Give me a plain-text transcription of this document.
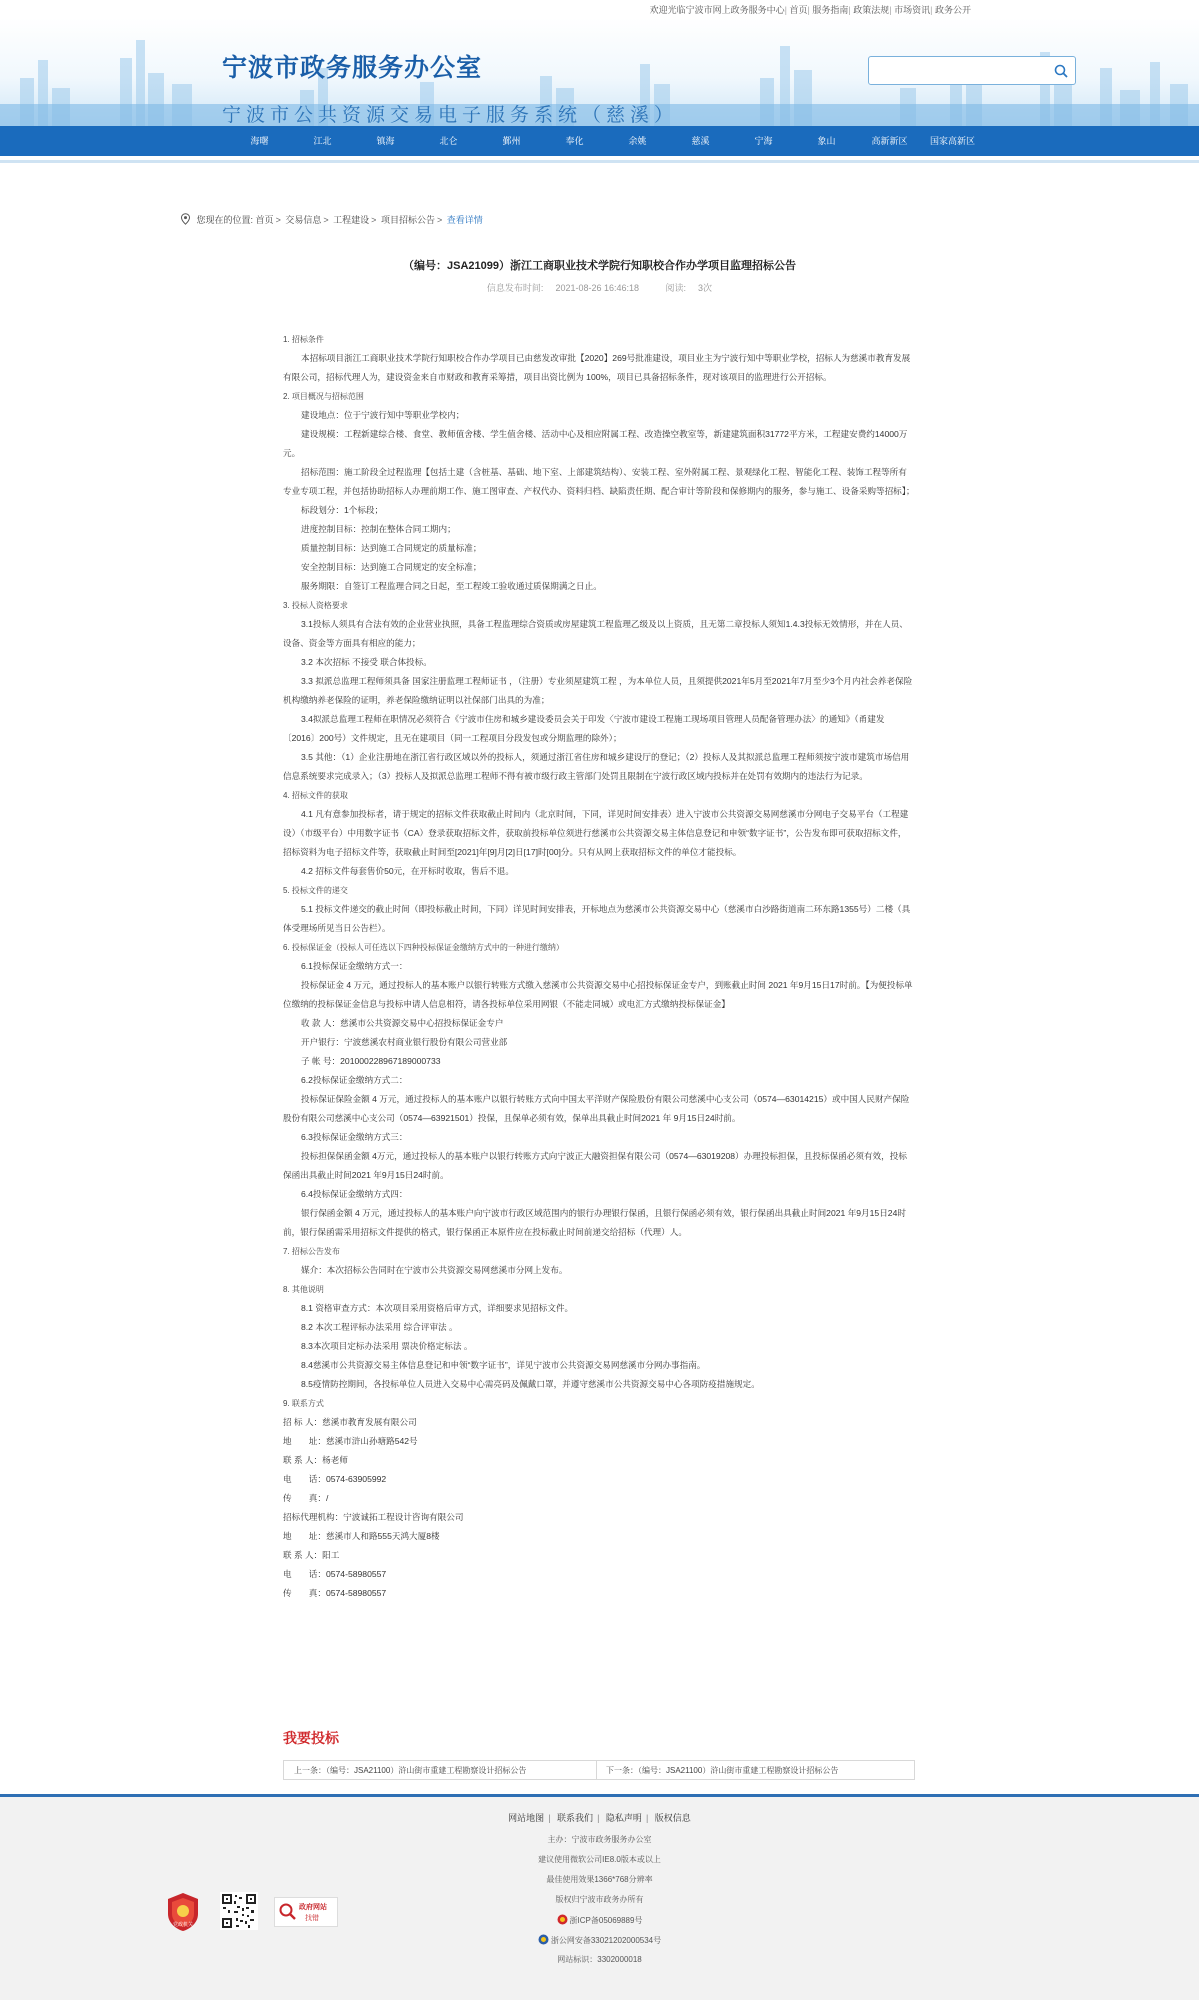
欢迎光临宁波市网上政务服务中心| 首页| 服务指南| 政策法规| 市场资讯| 政务公开
宁波市政务服务办公室
宁波市公共资源交易电子服务系统（慈溪）
海曙	江北	镇海	北仑	鄞州	奉化	余姚	慈溪	宁海	象山	高新新区	国家高新区
您现在的位置: 首页 > 交易信息 > 工程建设 > 项目招标公告 > 查看详情
（编号：JSA21099）浙江工商职业技术学院行知职校合作办学项目监理招标公告
信息发布时间: 2021-08-26 16:46:18	阅读: 3次

1. 招标条件

本招标项目浙江工商职业技术学院行知职校合作办学项目已由慈发改审批【2020】269号批准建设，项目业主为宁波行知中等职业学校，招标人为慈溪市教育发展有限公司，招标代理人为，建设资金来自市财政和教育采筹措，项目出资比例为 100%，项目已具备招标条件，现对该项目的监理进行公开招标。

2. 项目概况与招标范围

建设地点：位于宁波行知中等职业学校内；

建设规模：工程新建综合楼、食堂、教师值舍楼、学生值舍楼、活动中心及相应附属工程、改造操空教室等，新建建筑面积31772平方米，工程建安费约14000万元。

招标范围：施工阶段全过程监理【包括土建（含桩基、基础、地下室、上部建筑结构）、安装工程、室外附属工程、景观绿化工程、智能化工程、装饰工程等所有专业专项工程，并包括协助招标人办理前期工作、施工图审查、产权代办、资料归档、缺陷责任期、配合审计等阶段和保修期内的服务，参与施工、设备采购等招标】；

标段划分：1个标段；

进度控制目标：控制在整体合同工期内；

质量控制目标：达到施工合同规定的质量标准；

安全控制目标：达到施工合同规定的安全标准；

服务期限：自签订工程监理合同之日起，至工程竣工验收通过质保期满之日止。

3. 投标人资格要求

3.1投标人须具有合法有效的企业营业执照，具备工程监理综合资质或房屋建筑工程监理乙级及以上资质，且无第二章投标人须知1.4.3投标无效情形，并在人员、设备、资金等方面具有相应的能力；

3.2 本次招标 不接受 联合体投标。

3.3 拟派总监理工程师须具备 国家注册监理工程师证书 ，（注册）专业须屋建筑工程 ，为本单位人员，且须提供2021年5月至2021年7月至少3个月内社会养老保险机构缴纳养老保险的证明，养老保险缴纳证明以社保部门出具的为准；

3.4拟派总监理工程师在职情况必须符合《宁波市住房和城乡建设委员会关于印发〈宁波市建设工程施工现场项目管理人员配备管理办法〉的通知》（甬建发〔2016〕200号）文件规定，且无在建项目（同一工程项目分段发包或分期监理的除外）；

3.5 其他：（1）企业注册地在浙江省行政区域以外的投标人，须通过浙江省住房和城乡建设厅的登记；（2）投标人及其拟派总监理工程师须按宁波市建筑市场信用信息系统要求完成录入；（3）投标人及拟派总监理工程师不得有被市级行政主管部门处罚且限制在宁波行政区域内投标并在处罚有效期内的违法行为记录。

4. 招标文件的获取

4.1 凡有意参加投标者，请于规定的招标文件获取截止时间内（北京时间，下同，详见时间安排表）进入宁波市公共资源交易网慈溪市分网电子交易平台（工程建设）（市级平台）中用数字证书（CA）登录获取招标文件，获取前投标单位须进行慈溪市公共资源交易主体信息登记和申领“数字证书”，公告发布即可获取招标文件，招标资料为电子招标文件等，获取截止时间至[2021]年[9]月[2]日[17]时[00]分。只有从网上获取招标文件的单位才能投标。

4.2 招标文件每套售价50元，在开标时收取，售后不退。

5. 投标文件的递交

5.1 投标文件递交的截止时间（即投标截止时间，下同）详见时间安排表，开标地点为慈溪市公共资源交易中心（慈溪市白沙路街道南二环东路1355号）二楼（具体受理场所见当日公告栏）。

6. 投标保证金（投标人可任选以下四种投标保证金缴纳方式中的一种进行缴纳）

6.1投标保证金缴纳方式一：

投标保证金 4 万元，通过投标人的基本账户以银行转账方式缴入慈溪市公共资源交易中心招投标保证金专户，到账截止时间 2021 年9月15日17时前。【为便投标单位缴纳的投标保证金信息与投标申请人信息相符，请各投标单位采用网银（不能走同城）或电汇方式缴纳投标保证金】

收 款 人：慈溪市公共资源交易中心招投标保证金专户

开户银行：宁波慈溪农村商业银行股份有限公司营业部

子 帐 号：201000228967189000733

6.2投标保证金缴纳方式二：

投标保证保险金额 4 万元，通过投标人的基本账户以银行转账方式向中国太平洋财产保险股份有限公司慈溪中心支公司（0574—63014215）或中国人民财产保险股份有限公司慈溪中心支公司（0574—63921501）投保，且保单必须有效，保单出具截止时间2021 年 9月15日24时前。

6.3投标保证金缴纳方式三：

投标担保保函金额 4万元，通过投标人的基本账户以银行转账方式向宁波正大融资担保有限公司（0574—63019208）办理投标担保，且投标保函必须有效，投标保函出具截止时间2021 年9月15日24时前。

6.4投标保证金缴纳方式四：

银行保函金额 4 万元，通过投标人的基本账户向宁波市行政区域范围内的银行办理银行保函，且银行保函必须有效，银行保函出具截止时间2021 年9月15日24时前，银行保函需采用招标文件提供的格式，银行保函正本原件应在投标截止时间前递交给招标（代理）人。

7. 招标公告发布

媒介：本次招标公告同时在宁波市公共资源交易网慈溪市分网上发布。

8. 其他说明

8.1 资格审查方式：本次项目采用资格后审方式，详细要求见招标文件。

8.2 本次工程评标办法采用 综合评审法 。

8.3本次项目定标办法采用 票决价格定标法 。

8.4慈溪市公共资源交易主体信息登记和申领“数字证书”，详见宁波市公共资源交易网慈溪市分网办事指南。

8.5疫情防控期间，各投标单位人员进入交易中心需亮码及佩戴口罩，并遵守慈溪市公共资源交易中心各项防疫措施规定。

9. 联系方式

招 标 人：慈溪市教育发展有限公司

地　　址：慈溪市浒山孙塘路542号

联 系 人：杨老师

电　　话：0574-63905992

传　　真：/

招标代理机构：宁波诚拓工程设计咨询有限公司

地　　址：慈溪市人和路555天鸿大厦8楼

联 系 人：阳工

电　　话：0574-58980557

传　　真：0574-58980557

我要投标
上一条：（编号：JSA21100）浒山街市重建工程勘察设计招标公告	下一条：（编号：JSA21100）浒山街市重建工程勘察设计招标公告
网站地图 | 联系我们 | 隐私声明 | 版权信息
主办：宁波市政务服务办公室
建议使用微软公司IE8.0版本或以上
最佳使用效果1366*768分辨率
版权归宁波市政务办所有
浙ICP备05069889号
浙公网安备33021202000534号
网站标识：3302000018
党政机关
政府网站
找错
